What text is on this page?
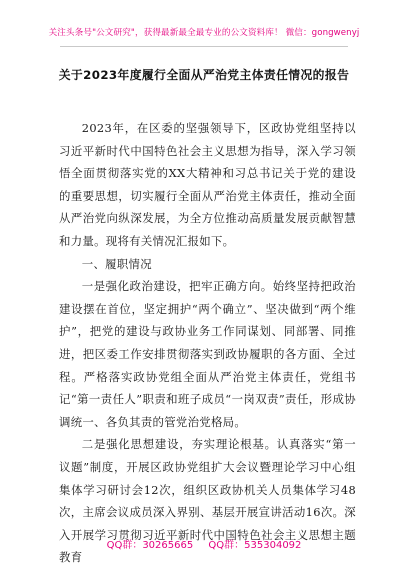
关注头条号"公文研究"，获得最新最全最专业的公文资料库！ 微信：gongwenyj
关于2023年度履行全面从严治党主体责任情况的报告

2023年，在区委的坚强领导下，区政协党组坚持以习近平新时代中国特色社会主义思想为指导，深入学习领悟全面贯彻落实党的XX大精神和习总书记关于党的建设的重要思想，切实履行全面从严治党主体责任，推动全面从严治党向纵深发展，为全方位推动高质量发展贡献智慧和力量。现将有关情况汇报如下。

一、履职情况

一是强化政治建设，把牢正确方向。始终坚持把政治建设摆在首位，坚定拥护“两个确立”、坚决做到“两个维护”，把党的建设与政协业务工作同谋划、同部署、同推进，把区委工作安排贯彻落实到政协履职的各方面、全过程。严格落实政协党组全面从严治党主体责任，党组书记“第一责任人”职责和班子成员“一岗双责”责任，形成协调统一、各负其责的管党治党格局。

二是强化思想建设，夯实理论根基。认真落实“第一议题”制度，开展区政协党组扩大会议暨理论学习中心组集体学习研讨会12次，组织区政协机关人员集体学习48次，主席会议成员深入界别、基层开展宣讲活动16次。深入开展学习贯彻习近平新时代中国特色社会主义思想主题教育

QQ群：30265665 QQ群：535304092
